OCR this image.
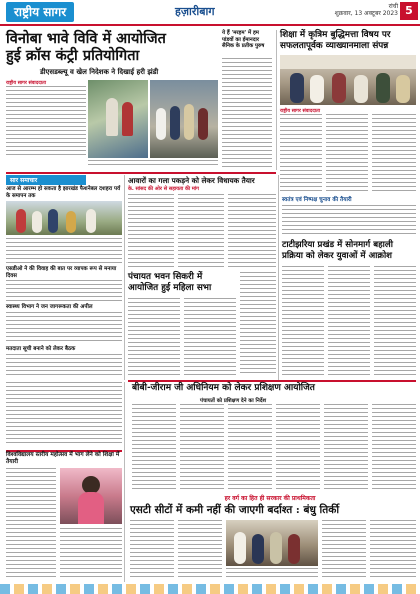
राष्ट्रीय सागर	हज़ारीबाग	रांची
शुक्रवार, 13 अक्टूबर 2023 5
विनोबा भावे विवि में आयोजित
हुई क्रॉस कंट्री प्रतियोगिता
डीएसडब्ल्यू व खेल निदेशक ने दिखाई हरी झंडी
राष्ट्रीय सागर संवाददाता
ये हैं 'मरहम' में हम पांडवों का ईमानदार सैनिक के प्रतीक पुरुष
शिक्षा में कृत्रिम बुद्धिमत्ता विषय पर
सफलतापूर्वक व्याख्यानमाला संपन्न
राष्ट्रीय सागर संवाददाता
सार समाचार
आज से आरम्भ हो सकता है झारखंड फैशनेबल दशहरा पर्व के समापन तक
एसडीओ ने की विवाह की बात पर व्यापक रूप से मनाया दिवस
स्वास्थ्य विभाग ने जन जागरूकता की अपील
मतदाता सूची बनाने को लेकर बैठक
आवारों का गला पकड़ने को लेकर विधायक तैयार
के. सांसद की ओर से सहायता की मांग
पंचायत भवन सिकरी में
आयोजित हुई महिला सभा
स्वतंत्र एवं निष्पक्ष चुनाव की तैयारी
टाटीझरिया प्रखंड में सोनमार्ग बहाली
प्रक्रिया को लेकर युवाओं में आक्रोश
बीबी-जीराम जी अधिनियम को लेकर प्रशिक्षण आयोजित
पंचायतों को प्रशिक्षण देने का निर्देश
विश्वविद्यालय स्तरीय महोत्सव में भाग लेने को शिक्षा में तैयारी
हर वर्ग का हित ही सरकार की प्राथमिकता
एसटी सीटों में कमी नहीं की जाएगी बर्दाश्त : बंधु तिर्की
